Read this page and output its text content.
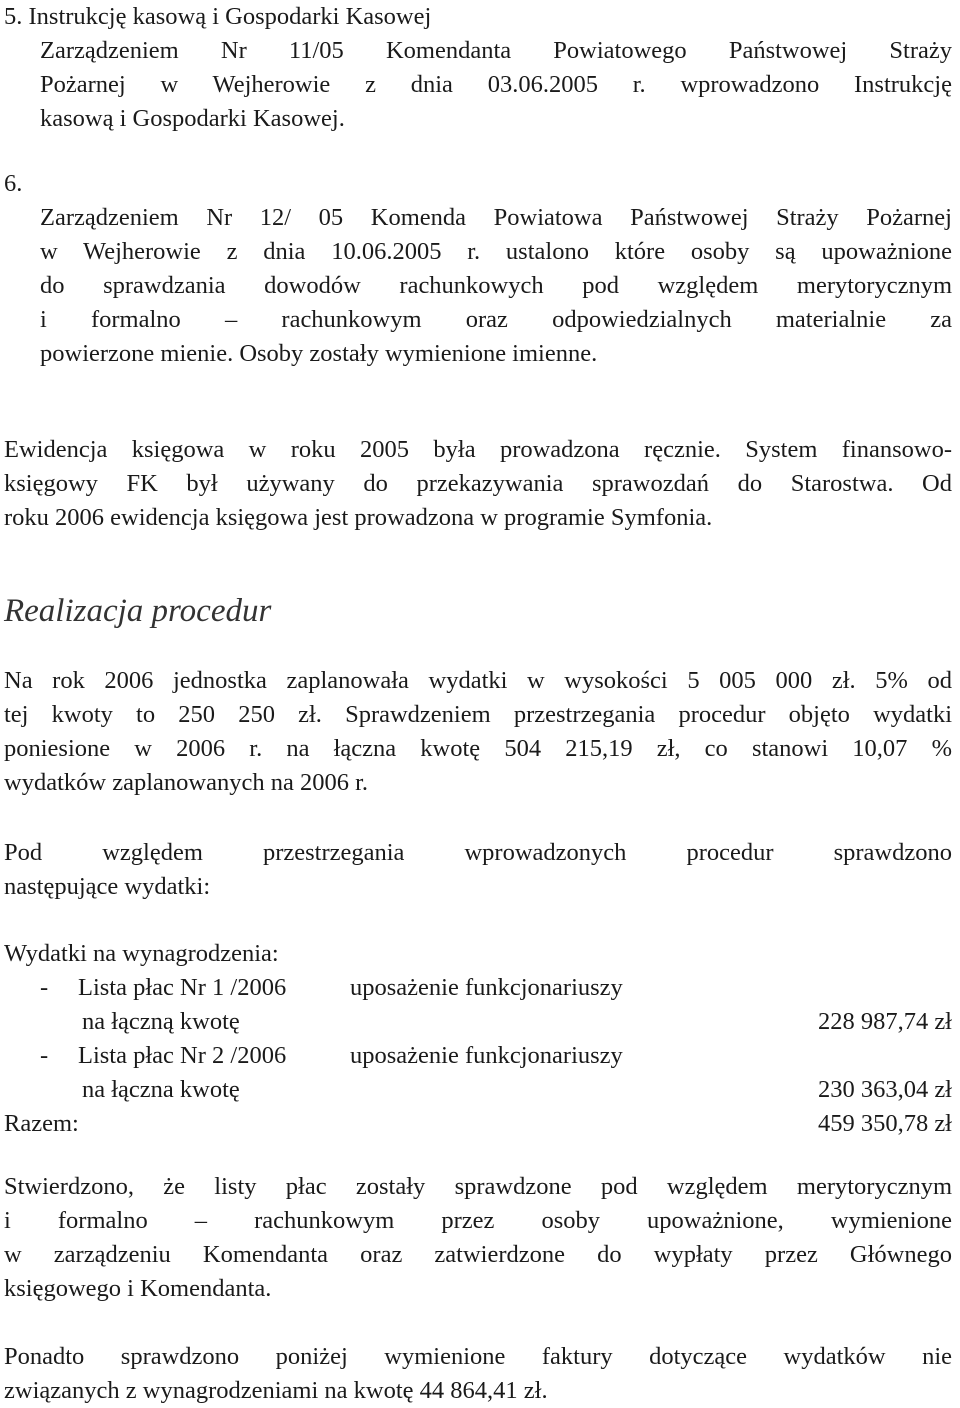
5. Instrukcję kasową i Gospodarki Kasowej
Zarządzeniem Nr 11/05 Komendanta Powiatowego Państwowej Straży
Pożarnej w Wejherowie z dnia 03.06.2005 r. wprowadzono Instrukcję
kasową i Gospodarki Kasowej.
6.
Zarządzeniem Nr 12/ 05 Komenda Powiatowa Państwowej Straży Pożarnej
w Wejherowie z dnia 10.06.2005 r. ustalono które osoby są upoważnione
do sprawdzania dowodów rachunkowych pod względem merytorycznym
i formalno – rachunkowym oraz odpowiedzialnych materialnie za
powierzone mienie. Osoby zostały wymienione imienne.
Ewidencja księgowa w roku 2005 była prowadzona ręcznie. System finansowo-
księgowy FK był używany do przekazywania sprawozdań do Starostwa. Od
roku 2006 ewidencja księgowa jest prowadzona w programie Symfonia.
Realizacja procedur
Na rok 2006 jednostka zaplanowała wydatki w wysokości 5 005 000 zł. 5% od
tej kwoty to 250 250 zł. Sprawdzeniem przestrzegania procedur objęto wydatki
poniesione w 2006 r. na łączna kwotę 504 215,19 zł, co stanowi 10,07 %
wydatków zaplanowanych na 2006 r.
Pod względem przestrzegania wprowadzonych procedur sprawdzono
następujące wydatki:
Wydatki na wynagrodzenia:
- Lista płac Nr 1 /2006	uposażenie funkcjonariuszy
na łączną kwotę	228 987,74 zł
- Lista płac Nr 2 /2006	uposażenie funkcjonariuszy
na łączna kwotę	230 363,04 zł
Razem:	459 350,78 zł
Stwierdzono, że listy płac zostały sprawdzone pod względem merytorycznym
i formalno – rachunkowym przez osoby upoważnione, wymienione
w zarządzeniu Komendanta oraz zatwierdzone do wypłaty przez Głównego
księgowego i Komendanta.
Ponadto sprawdzono poniżej wymienione faktury dotyczące wydatków nie
związanych z wynagrodzeniami na kwotę 44 864,41 zł.
